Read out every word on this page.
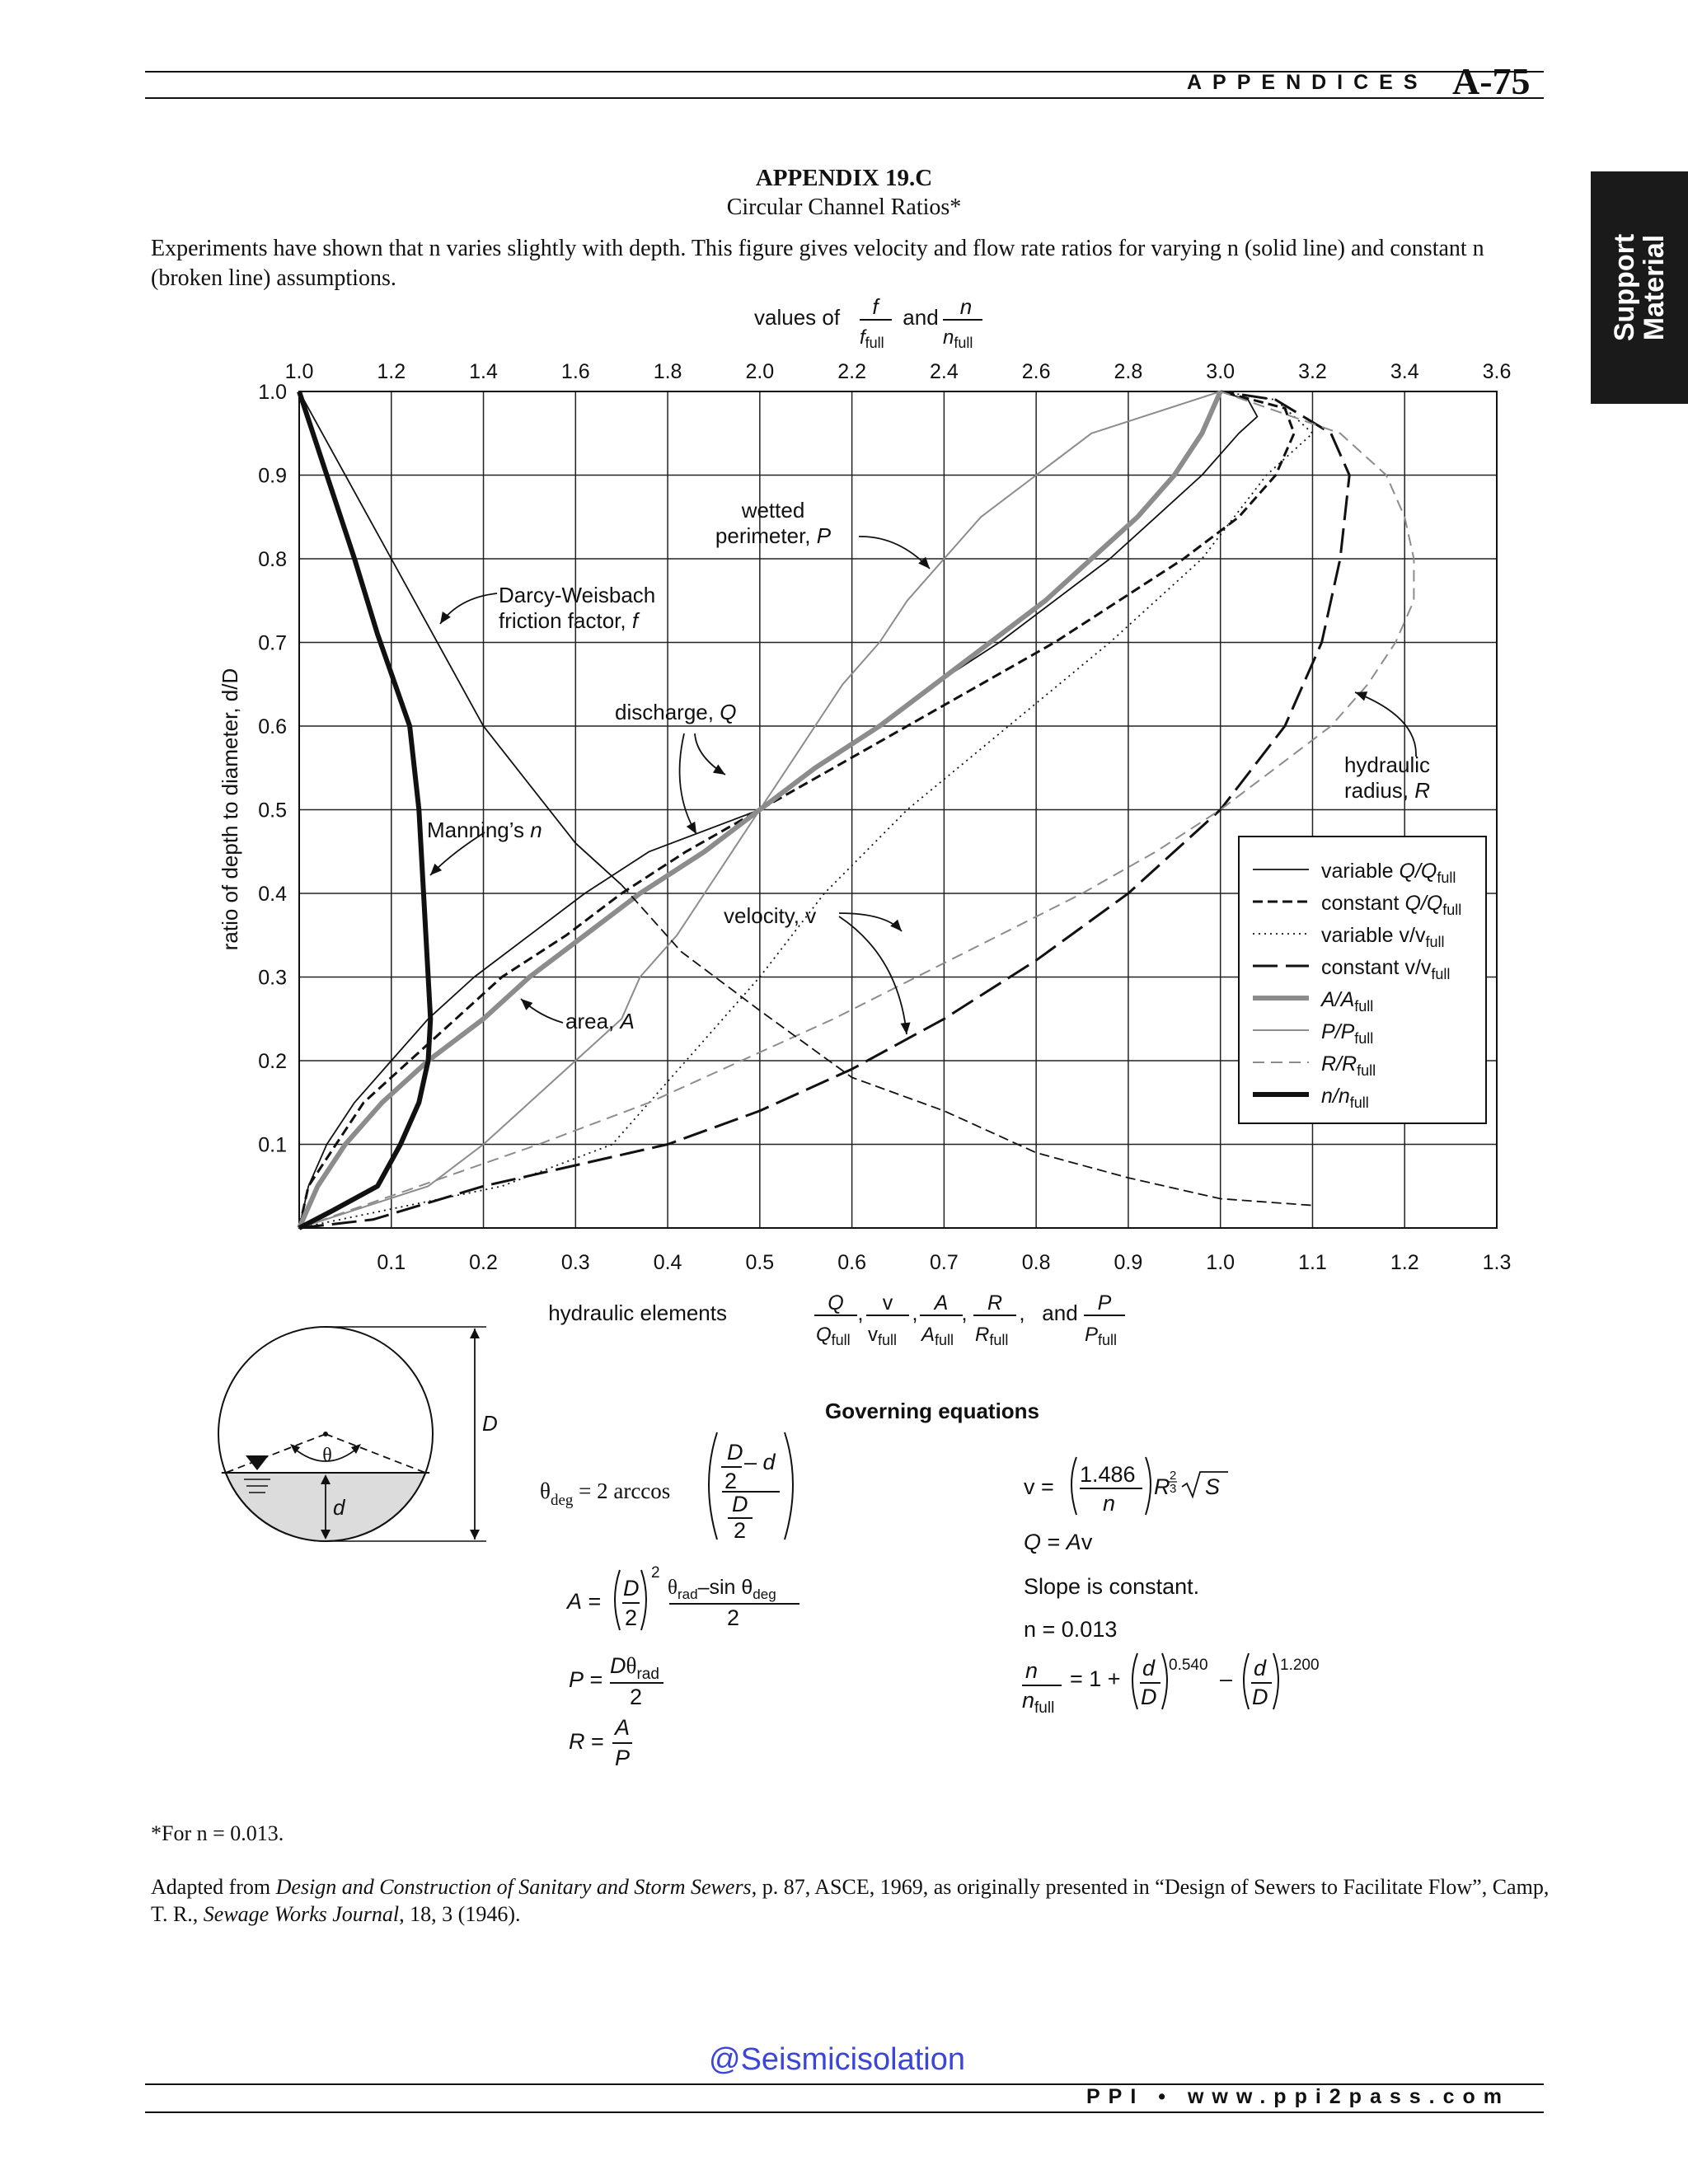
APPENDICES A-75
Support
Material
APPENDIX 19.C
Circular Channel Ratios*
Experiments have shown that n varies slightly with depth. This figure gives velocity and flow rate ratios for varying n (solid line) and constant n (broken line) assumptions.
1.0	1.2	1.4	1.6	1.8	2.0	2.2	2.4	2.6	2.8	3.0	3.2	3.4	3.6
0.1	0.2	0.3	0.4	0.5	0.6	0.7	0.8	0.9	1.0	1.1	1.2	1.3
0.1
0.2
0.3
0.4
0.5
0.6
0.7
0.8
0.9
1.0
values of f
$f_{full}$
and n
$n_{full}$
ratio of depth to diameter, d/D
hydraulic elements	Q
$Q_{full}$
v
$v_{full}$
A
$A_{full}$
R
$R_{full}$
, , , , and P
$P_{full}$
wetted
perimeter, P
Darcy-Weisbach
friction factor, f
discharge, Q
Manning’s n
velocity, v
area, A
hydraulic
radius, R
variable $Q/Q_{full}$
constant $Q/Q_{full}$
variable $v/v_{full}$
constant $v/v_{full}$
$A/A_{full}$
$P/P_{full}$
$R/R_{full}$
$n/n_{full}$
θ
d
D	Governing equations
$\theta_{deg} = 2$ arccos
D
2
– d
D
2
A =
D
2
2
$\theta_{rad}-\sin$ $\theta_{deg}$
2
P =
$D\theta_{rad}$
2
R =
A
P
v = 1.486
n
R 2
3 S
Q = Av
Slope is constant.
n = 0.013
n
$n_{full}$
= 1 + d
D
0.540
– d
D
1.200
*For n = 0.013.
Adapted from Design and Construction of Sanitary and Storm Sewers, p. 87, ASCE, 1969, as originally presented in “Design of Sewers to Facilitate Flow”, Camp, T. R., Sewage Works Journal, 18, 3 (1946).
@Seismicisolation
PPI • www.ppi2pass.com
